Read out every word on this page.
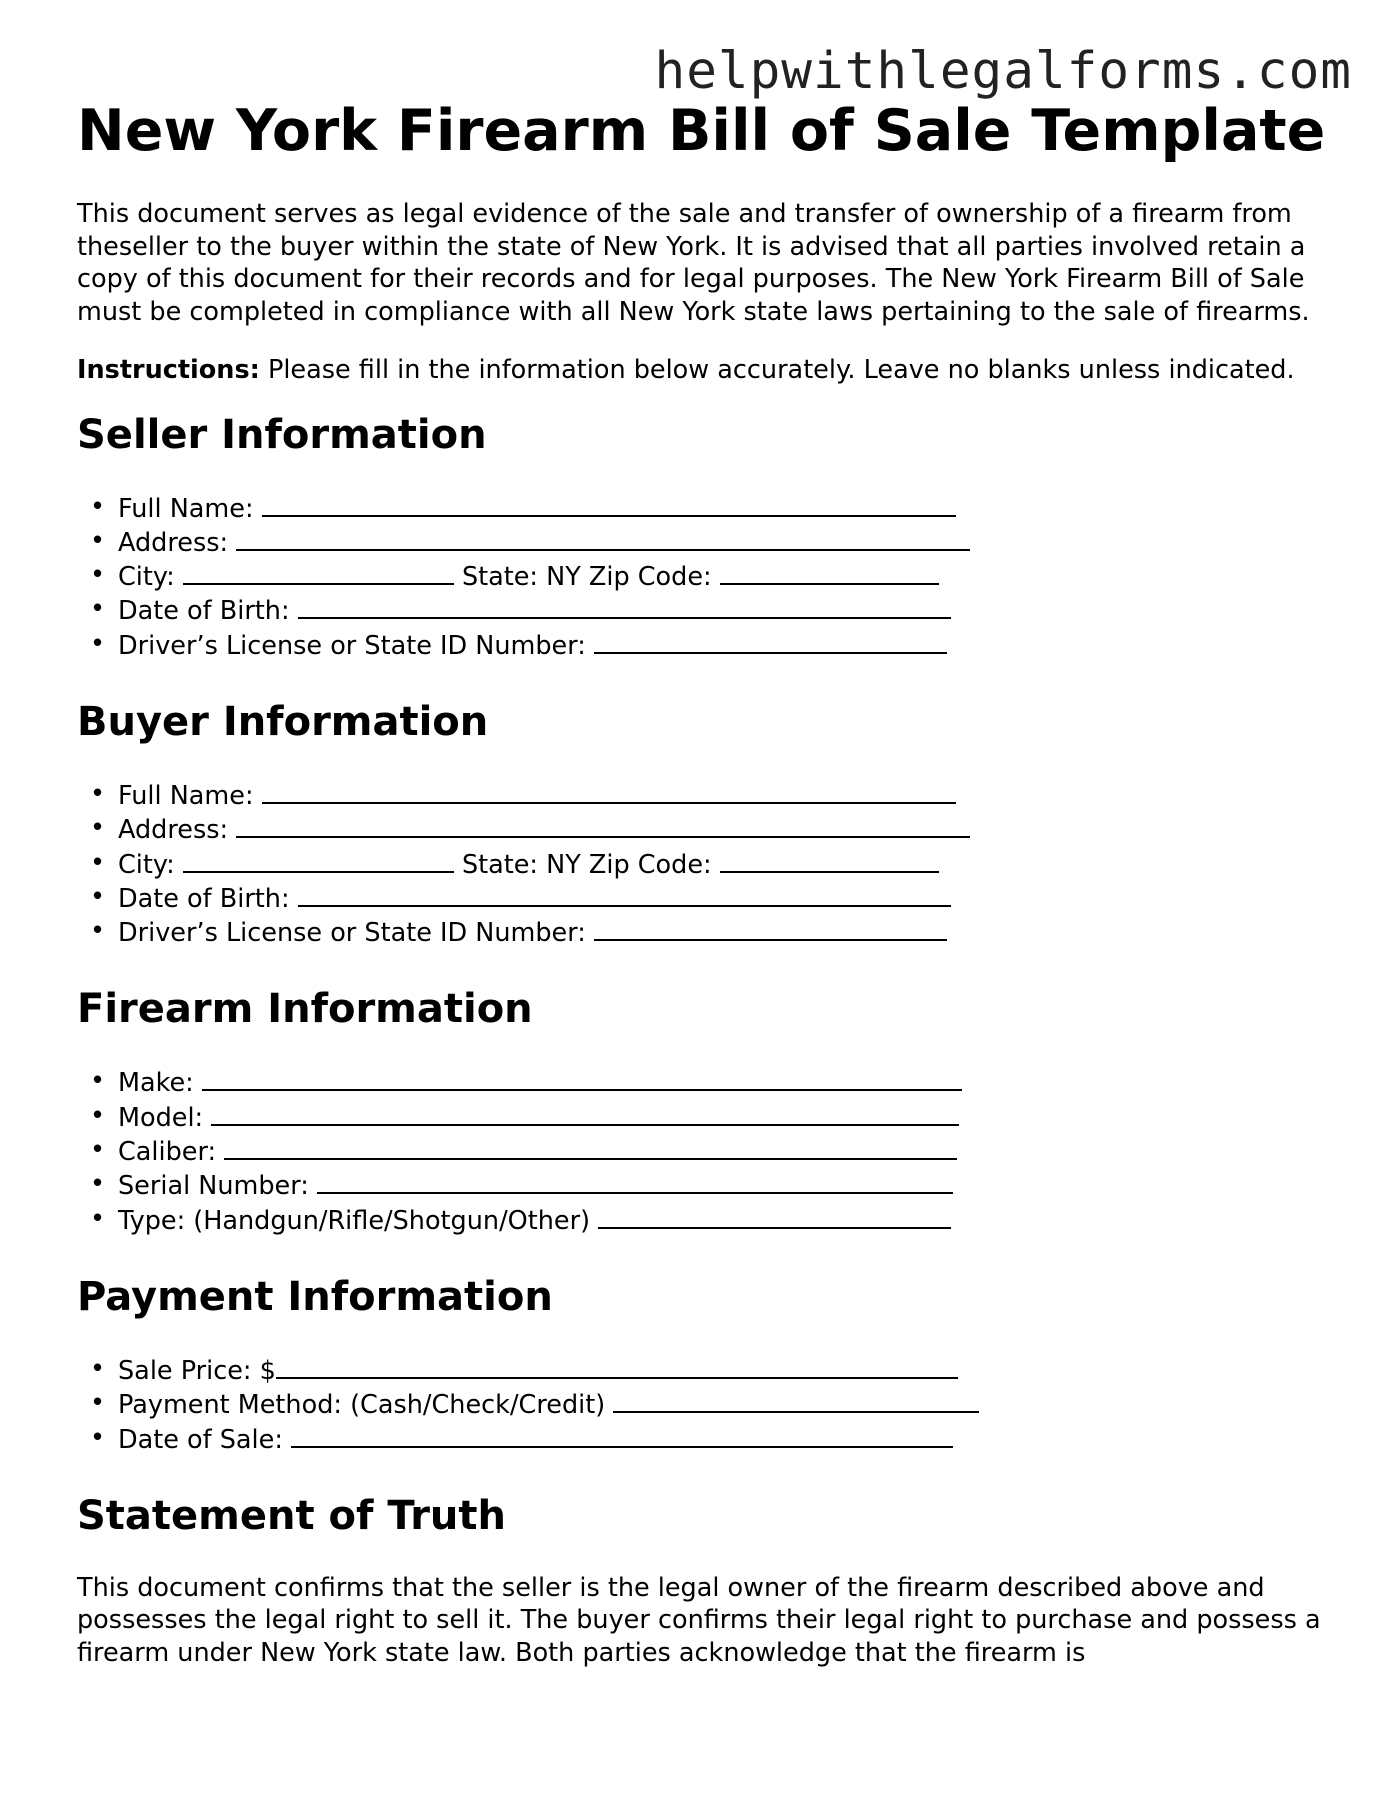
helpwithlegalforms.com
New York Firearm Bill of Sale Template

This document serves as legal evidence of the sale and transfer of ownership of a firearm from theseller to the buyer within the state of New York. It is advised that all parties involved retain a copy of this document for their records and for legal purposes. The New York Firearm Bill of Sale must be completed in compliance with all New York state laws pertaining to the sale of firearms.

Instructions: Please fill in the information below accurately. Leave no blanks unless indicated.

Seller Information
• Full Name:
• Address:
• City:	State: NY Zip Code:
• Date of Birth:
• Driver’s License or State ID Number:
Buyer Information
• Full Name:
• Address:
• City:	State: NY Zip Code:
• Date of Birth:
• Driver’s License or State ID Number:
Firearm Information
• Make:
• Model:
• Caliber:
• Serial Number:
• Type: (Handgun/Rifle/Shotgun/Other)
Payment Information
• Sale Price: $
• Payment Method: (Cash/Check/Credit)
• Date of Sale:
Statement of Truth

This document confirms that the seller is the legal owner of the firearm described above and possesses the legal right to sell it. The buyer confirms their legal right to purchase and possess a firearm under New York state law. Both parties acknowledge that the firearm is
